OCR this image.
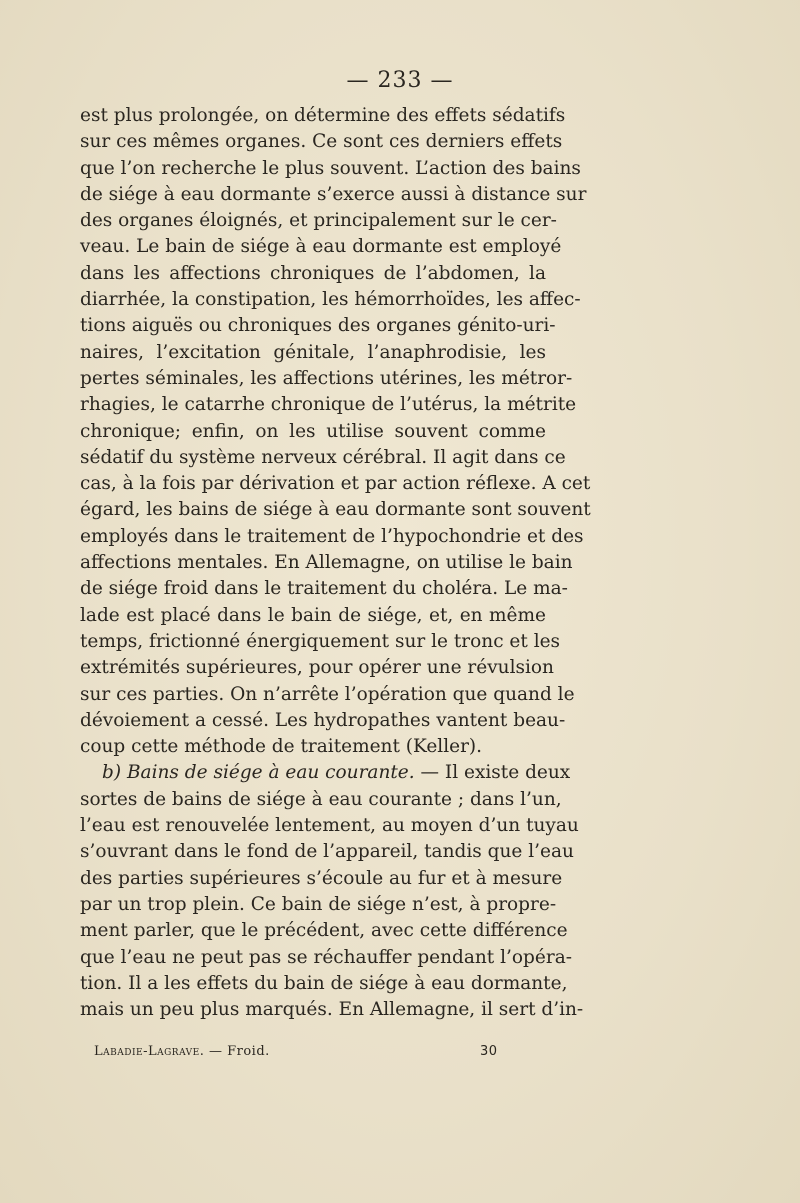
— 233 —
est plus prolongée, on détermine des effets sédatifs
sur ces mêmes organes. Ce sont ces derniers effets
que l’on recherche le plus souvent. L’action des bains
de siége à eau dormante s’exerce aussi à distance sur
des organes éloignés, et principalement sur le cer-
veau. Le bain de siége à eau dormante est employé
dans les affections chroniques de l’abdomen, la
diarrhée, la constipation, les hémorrhoïdes, les affec-
tions aiguës ou chroniques des organes génito-uri-
naires, l’excitation génitale, l’anaphrodisie, les
pertes séminales, les affections utérines, les métror-
rhagies, le catarrhe chronique de l’utérus, la métrite
chronique; enfin, on les utilise souvent comme
sédatif du système nerveux cérébral. Il agit dans ce
cas, à la fois par dérivation et par action réflexe. A cet
égard, les bains de siége à eau dormante sont souvent
employés dans le traitement de l’hypochondrie et des
affections mentales. En Allemagne, on utilise le bain
de siége froid dans le traitement du choléra. Le ma-
lade est placé dans le bain de siége, et, en même
temps, frictionné énergiquement sur le tronc et les
extrémités supérieures, pour opérer une révulsion
sur ces parties. On n’arrête l’opération que quand le
dévoiement a cessé. Les hydropathes vantent beau-
coup cette méthode de traitement (Keller).
b) Bains de siége à eau courante. — Il existe deux
sortes de bains de siége à eau courante ; dans l’un,
l’eau est renouvelée lentement, au moyen d’un tuyau
s’ouvrant dans le fond de l’appareil, tandis que l’eau
des parties supérieures s’écoule au fur et à mesure
par un trop plein. Ce bain de siége n’est, à propre-
ment parler, que le précédent, avec cette différence
que l’eau ne peut pas se réchauffer pendant l’opéra-
tion. Il a les effets du bain de siége à eau dormante,
mais un peu plus marqués. En Allemagne, il sert d’in-
Labadie-Lagrave. — Froid.	30
